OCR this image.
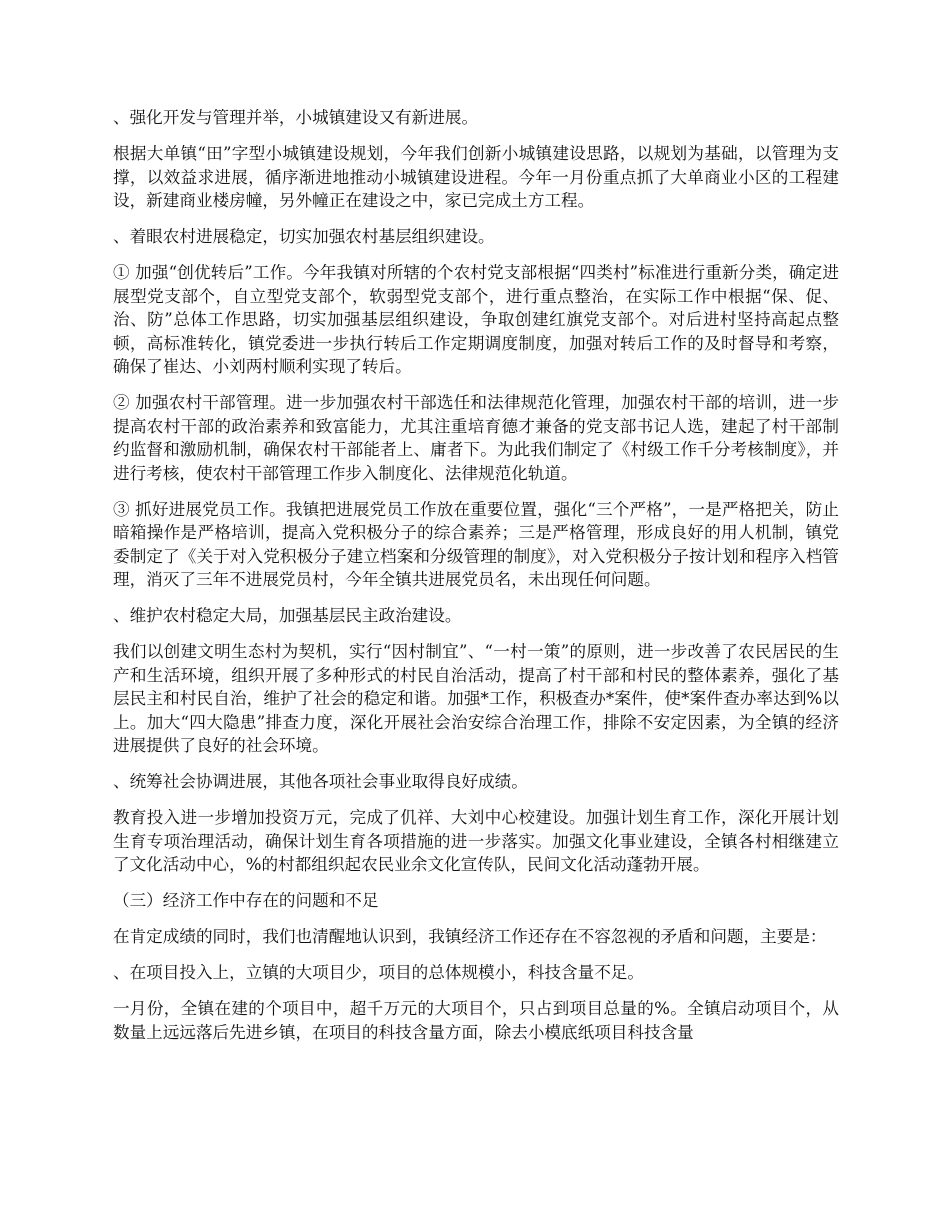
、强化开发与管理并举，小城镇建设又有新进展。

根据大单镇“田”字型小城镇建设规划，今年我们创新小城镇建设思路，以规划为基础，以管理为支撑，以效益求进展，循序渐进地推动小城镇建设进程。今年一月份重点抓了大单商业小区的工程建设，新建商业楼房幢，另外幢正在建设之中，家已完成土方工程。

、着眼农村进展稳定，切实加强农村基层组织建设。

① 加强“创优转后”工作。今年我镇对所辖的个农村党支部根据“四类村”标准进行重新分类，确定进展型党支部个，自立型党支部个，软弱型党支部个，进行重点整治，在实际工作中根据“保、促、治、防”总体工作思路，切实加强基层组织建设，争取创建红旗党支部个。对后进村坚持高起点整顿，高标准转化，镇党委进一步执行转后工作定期调度制度，加强对转后工作的及时督导和考察，确保了崔达、小刘两村顺利实现了转后。

② 加强农村干部管理。进一步加强农村干部选任和法律规范化管理，加强农村干部的培训，进一步提高农村干部的政治素养和致富能力，尤其注重培育德才兼备的党支部书记人选，建起了村干部制约监督和激励机制，确保农村干部能者上、庸者下。为此我们制定了《村级工作千分考核制度》，并进行考核，使农村干部管理工作步入制度化、法律规范化轨道。

③ 抓好进展党员工作。我镇把进展党员工作放在重要位置，强化“三个严格”，一是严格把关，防止暗箱操作是严格培训，提高入党积极分子的综合素养；三是严格管理，形成良好的用人机制，镇党委制定了《关于对入党积极分子建立档案和分级管理的制度》，对入党积极分子按计划和程序入档管理，消灭了三年不进展党员村，今年全镇共进展党员名，未出现任何问题。

、维护农村稳定大局，加强基层民主政治建设。

我们以创建文明生态村为契机，实行“因村制宜”、“一村一策”的原则，进一步改善了农民居民的生产和生活环境，组织开展了多种形式的村民自治活动，提高了村干部和村民的整体素养，强化了基层民主和村民自治，维护了社会的稳定和谐。加强*工作，积极查办*案件，使*案件查办率达到%以上。加大“四大隐患”排查力度，深化开展社会治安综合治理工作，排除不安定因素，为全镇的经济进展提供了良好的社会环境。

、统筹社会协调进展，其他各项社会事业取得良好成绩。

教育投入进一步增加投资万元，完成了仉祥、大刘中心校建设。加强计划生育工作，深化开展计划生育专项治理活动，确保计划生育各项措施的进一步落实。加强文化事业建设，全镇各村相继建立了文化活动中心，%的村都组织起农民业余文化宣传队，民间文化活动蓬勃开展。

（三）经济工作中存在的问题和不足

在肯定成绩的同时，我们也清醒地认识到，我镇经济工作还存在不容忽视的矛盾和问题，主要是：

、在项目投入上，立镇的大项目少，项目的总体规模小，科技含量不足。

一月份，全镇在建的个项目中，超千万元的大项目个，只占到项目总量的%。全镇启动项目个，从数量上远远落后先进乡镇，在项目的科技含量方面，除去小模底纸项目科技含量
